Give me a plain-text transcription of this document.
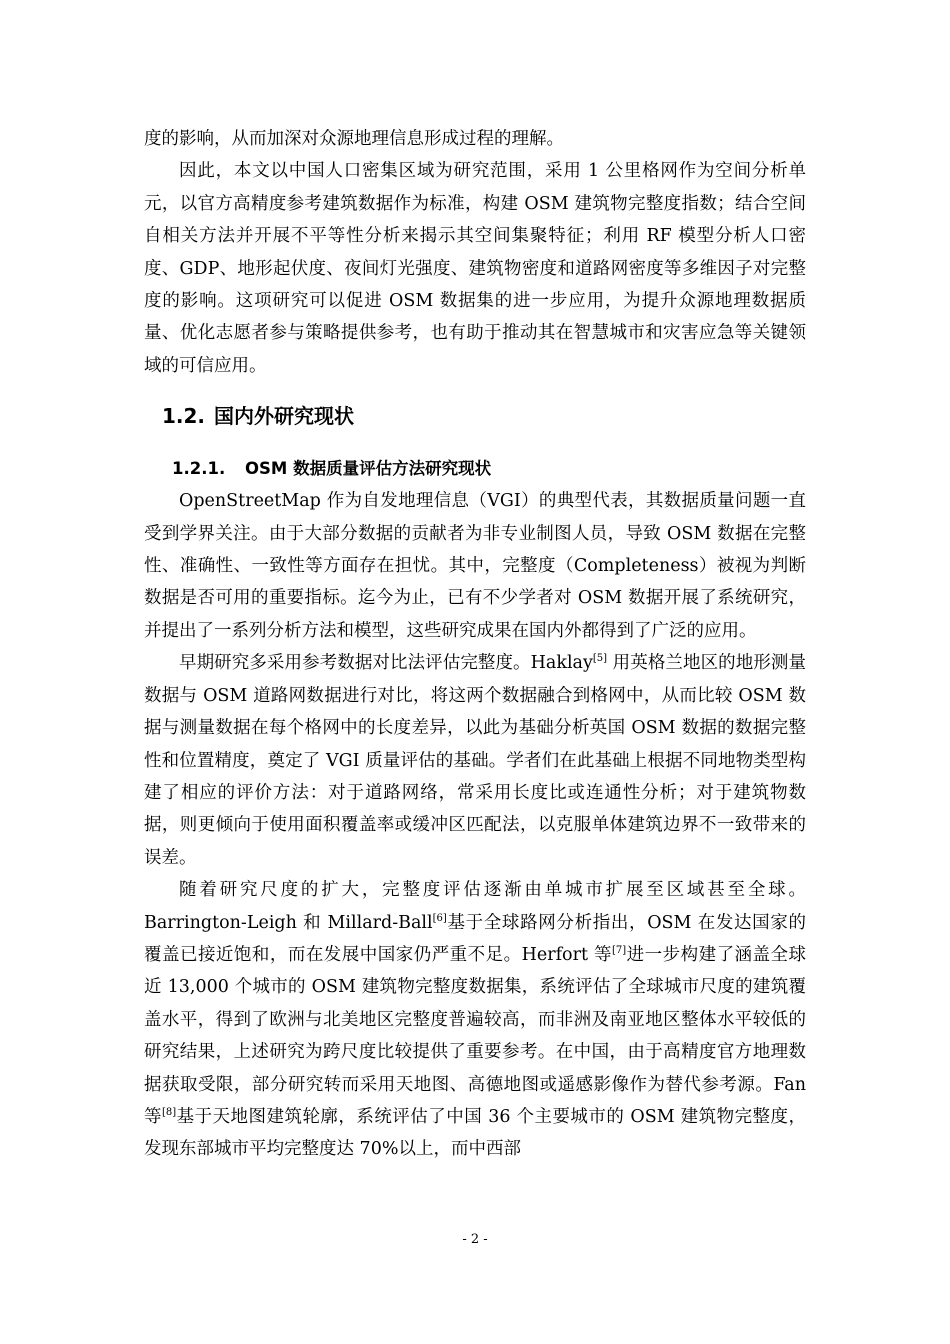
度的影响，从而加深对众源地理信息形成过程的理解。

因此，本文以中国人口密集区域为研究范围，采用 1 公里格网作为空间分析单元，以官方高精度参考建筑数据作为标准，构建 OSM 建筑物完整度指数；结合空间自相关方法并开展不平等性分析来揭示其空间集聚特征；利用 RF 模型分析人口密度、GDP、地形起伏度、夜间灯光强度、建筑物密度和道路网密度等多维因子对完整度的影响。这项研究可以促进 OSM 数据集的进一步应用，为提升众源地理数据质量、优化志愿者参与策略提供参考，也有助于推动其在智慧城市和灾害应急等关键领域的可信应用。

1.2. 国内外研究现状
1.2.1. OSM 数据质量评估方法研究现状

OpenStreetMap 作为自发地理信息（VGI）的典型代表，其数据质量问题一直受到学界关注。由于大部分数据的贡献者为非专业制图人员，导致 OSM 数据在完整性、准确性、一致性等方面存在担忧。其中，完整度（Completeness）被视为判断数据是否可用的重要指标。迄今为止，已有不少学者对 OSM 数据开展了系统研究，并提出了一系列分析方法和模型，这些研究成果在国内外都得到了广泛的应用。

早期研究多采用参考数据对比法评估完整度。Haklay[5] 用英格兰地区的地形测量数据与 OSM 道路网数据进行对比，将这两个数据融合到格网中，从而比较 OSM 数据与测量数据在每个格网中的长度差异，以此为基础分析英国 OSM 数据的数据完整性和位置精度，奠定了 VGI 质量评估的基础。学者们在此基础上根据不同地物类型构建了相应的评价方法：对于道路网络，常采用长度比或连通性分析；对于建筑物数据，则更倾向于使用面积覆盖率或缓冲区匹配法，以克服单体建筑边界不一致带来的误差。

随着研究尺度的扩大，完整度评估逐渐由单城市扩展至区域甚至全球。Barrington-Leigh 和 Millard-Ball[6]基于全球路网分析指出，OSM 在发达国家的覆盖已接近饱和，而在发展中国家仍严重不足。Herfort 等[7]进一步构建了涵盖全球近 13,000 个城市的 OSM 建筑物完整度数据集，系统评估了全球城市尺度的建筑覆盖水平，得到了欧洲与北美地区完整度普遍较高，而非洲及南亚地区整体水平较低的研究结果，上述研究为跨尺度比较提供了重要参考。在中国，由于高精度官方地理数据获取受限，部分研究转而采用天地图、高德地图或遥感影像作为替代参考源。Fan 等[8]基于天地图建筑轮廓，系统评估了中国 36 个主要城市的 OSM 建筑物完整度，发现东部城市平均完整度达 70%以上，而中西部

- 2 -
